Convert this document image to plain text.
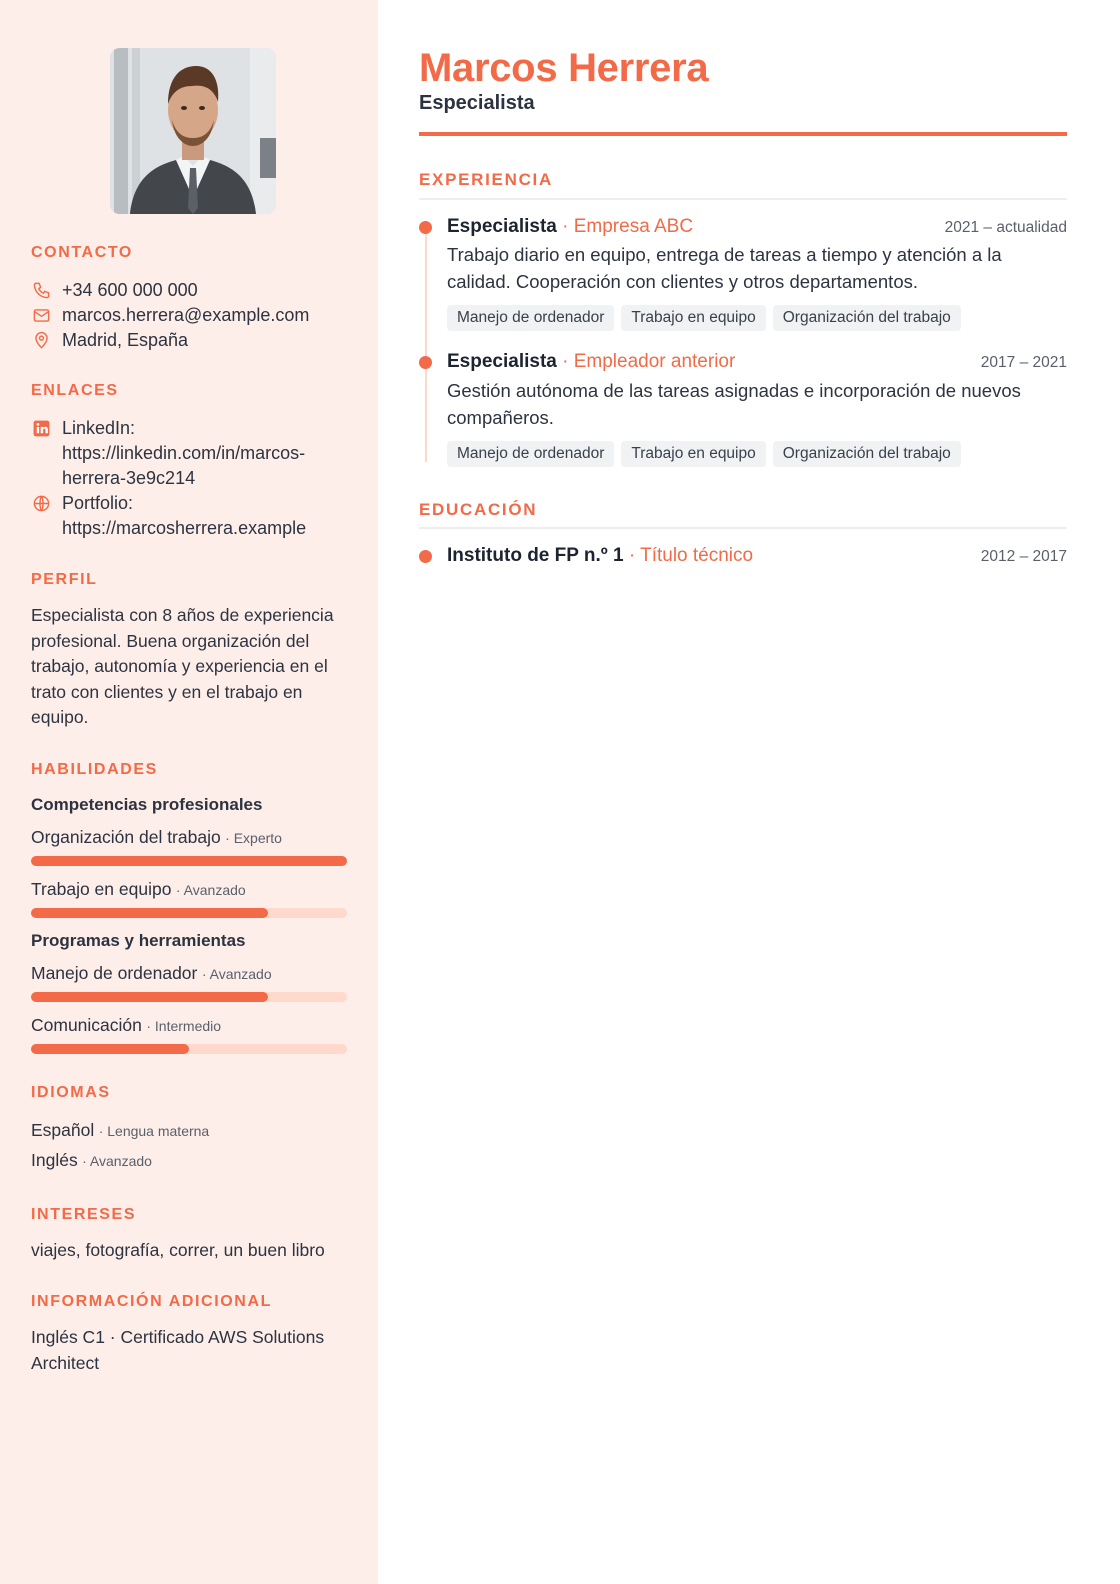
CONTACTO
+34 600 000 000
marcos.herrera@example.com
Madrid, España
ENLACES
LinkedIn:
https://linkedin.com/in/marcos-
herrera-3e9c214
Portfolio:
https://marcosherrera.example
PERFIL
Especialista con 8 años de experiencia
profesional. Buena organización del
trabajo, autonomía y experiencia en el
trato con clientes y en el trabajo en
equipo.
HABILIDADES
Competencias profesionales
Organización del trabajo · Experto
Trabajo en equipo · Avanzado
Programas y herramientas
Manejo de ordenador · Avanzado
Comunicación · Intermedio
IDIOMAS
Español · Lengua materna
Inglés · Avanzado
INTERESES
viajes, fotografía, correr, un buen libro
INFORMACIÓN ADICIONAL
Inglés C1 · Certificado AWS Solutions
Architect
Marcos Herrera
Especialista
EXPERIENCIA
Especialista · Empresa ABC	2021 – actualidad
Trabajo diario en equipo, entrega de tareas a tiempo y atención a la
calidad. Cooperación con clientes y otros departamentos.
Manejo de ordenador	Trabajo en equipo	Organización del trabajo
Especialista · Empleador anterior	2017 – 2021
Gestión autónoma de las tareas asignadas e incorporación de nuevos
compañeros.
Manejo de ordenador	Trabajo en equipo	Organización del trabajo
EDUCACIÓN
Instituto de FP n.º 1 · Título técnico	2012 – 2017
